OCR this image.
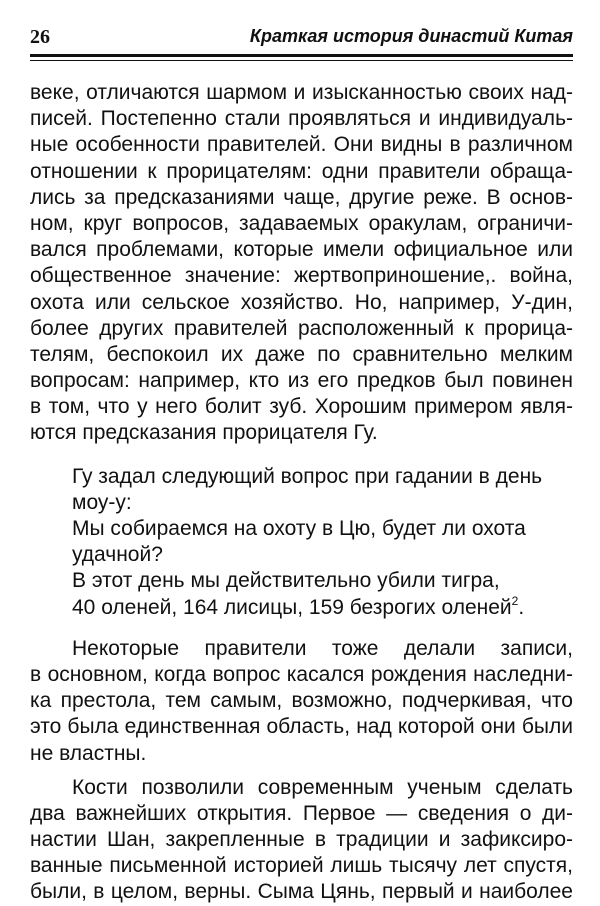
26	Краткая история династий Китая
веке, отличаются шармом и изысканностью своих над-
писей. Постепенно стали проявляться и индивидуаль-
ные особенности правителей. Они видны в различном
отношении к прорицателям: одни правители обраща-
лись за предсказаниями чаще, другие реже. В основ-
ном, круг вопросов, задаваемых оракулам, ограничи-
вался проблемами, которые имели официальное или
общественное значение: жертвоприношение,. война,
охота или сельское хозяйство. Но, например, У-дин,
более других правителей расположенный к прорица-
телям, беспокоил их даже по сравнительно мелким
вопросам: например, кто из его предков был повинен
в том, что у него болит зуб. Хорошим примером явля-
ются предсказания прорицателя Гу.
Гу задал следующий вопрос при гадании в день
моу-у:
Мы собираемся на охоту в Цю, будет ли охота
удачной?
В этот день мы действительно убили тигра,
40 оленей, 164 лисицы, 159 безрогих оленей$^2$.
Некоторые правители тоже делали записи,
в основном, когда вопрос касался рождения наследни-
ка престола, тем самым, возможно, подчеркивая, что
это была единственная область, над которой они были
не властны.
Кости позволили современным ученым сделать
два важнейших открытия. Первое — сведения о ди-
настии Шан, закрепленные в традиции и зафиксиро-
ванные письменной историей лишь тысячу лет спустя,
были, в целом, верны. Сыма Цянь, первый и наиболее
